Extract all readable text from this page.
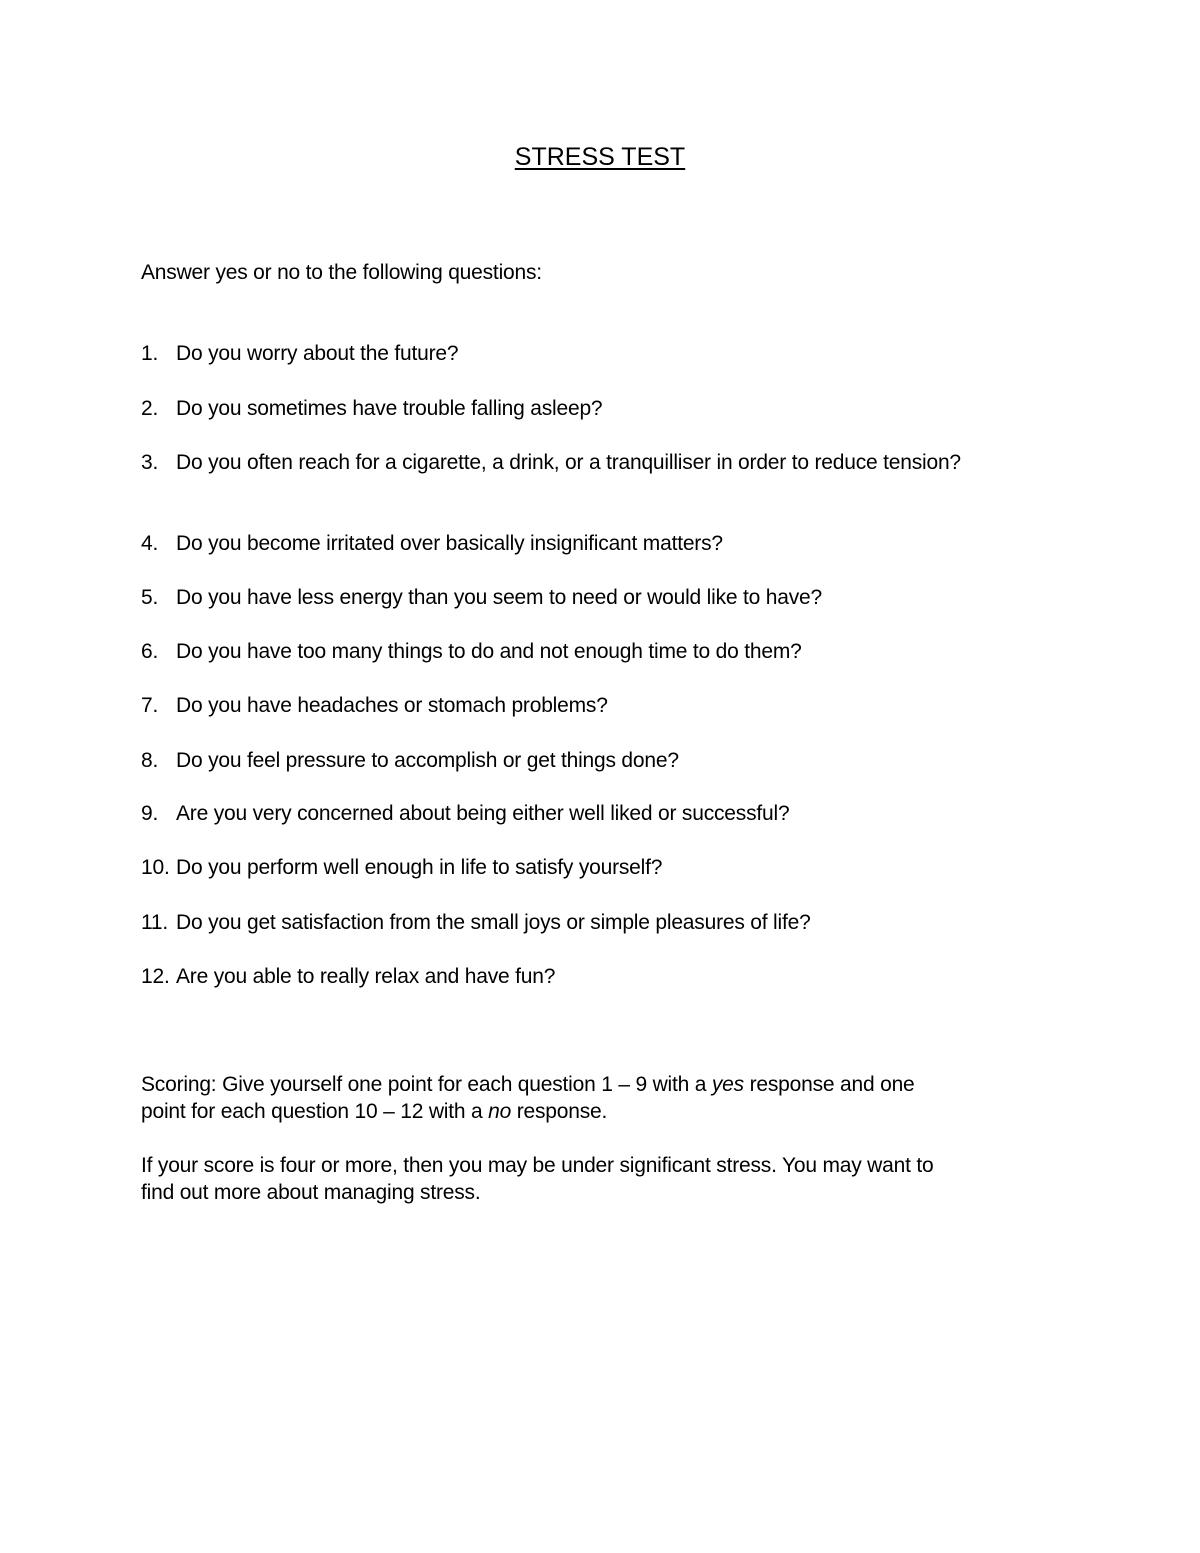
STRESS TEST
Answer yes or no to the following questions:
1. Do you worry about the future?
2. Do you sometimes have trouble falling asleep?
3. Do you often reach for a cigarette, a drink, or a tranquilliser in order to reduce tension?
4. Do you become irritated over basically insignificant matters?
5. Do you have less energy than you seem to need or would like to have?
6. Do you have too many things to do and not enough time to do them?
7. Do you have headaches or stomach problems?
8. Do you feel pressure to accomplish or get things done?
9. Are you very concerned about being either well liked or successful?
10. Do you perform well enough in life to satisfy yourself?
11. Do you get satisfaction from the small joys or simple pleasures of life?
12. Are you able to really relax and have fun?
Scoring: Give yourself one point for each question 1 – 9 with a yes response and one
point for each question 10 – 12 with a no response.
If your score is four or more, then you may be under significant stress. You may want to
find out more about managing stress.
